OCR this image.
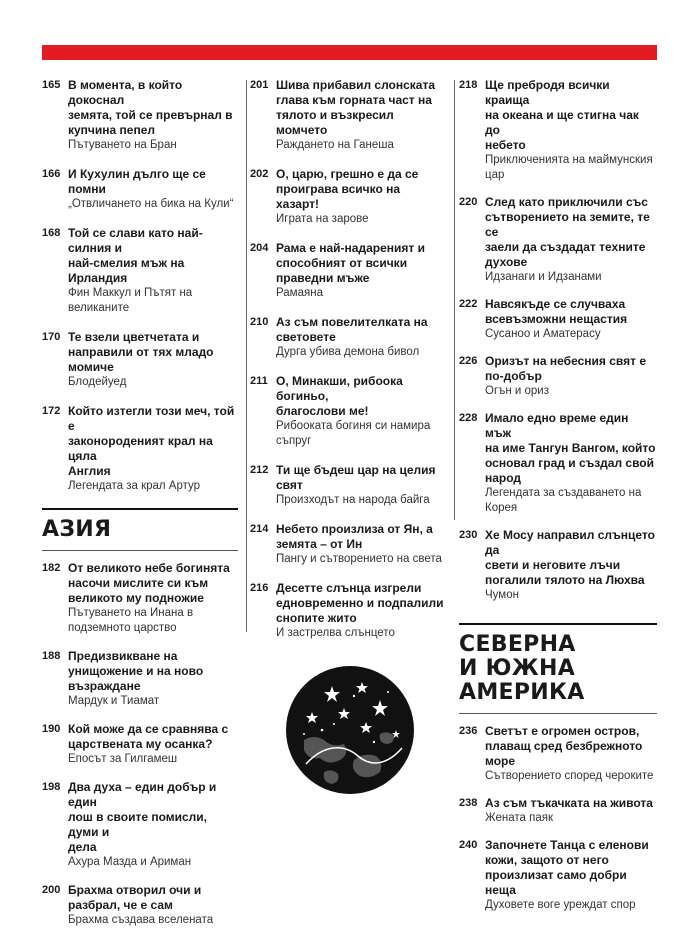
165 В момента, в който докоснал
земята, той се превърнал в
купчина пепел
Пътуването на Бран
166 И Кухулин дълго ще се помни
„Отвличането на бика на Кули“
168 Той се слави като най-силния и
най-смелия мъж на Ирландия
Фин Маккул и Пътят на
великаните
170 Те взели цветчетата и
направили от тях младо
момиче
Блодейуед
172 Който изтегли този меч, той е
законороденият крал на цяла
Англия
Легендата за крал Артур
АЗИЯ
182 От великото небе богинята
насочи мислите си към
великото му подножие
Пътуването на Инана в
подземното царство
188 Предизвикване на
унищожение и на ново
възраждане
Мардук и Тиамат
190 Кой може да се сравнява с
царствената му осанка?
Епосът за Гилгамеш
198 Два духа – един добър и един
лош в своите помисли, думи и
дела
Ахура Мазда и Ариман
200 Брахма отворил очи и
разбрал, че е сам
Брахма създава вселената
201 Шива прибавил слонската
глава към горната част на
тялото и възкресил момчето
Раждането на Ганеша
202 О, царю, грешно е да се
проиграва всичко на хазарт!
Играта на зарове
204 Рама е най-надареният и
способният от всички
праведни мъже
Рамаяна
210 Аз съм повелителката на
световете
Дурга убива демона бивол
211 О, Минакши, рибоока богиньо,
благослови ме!
Рибооката богиня си намира
съпруг
212 Ти ще бъдеш цар на целия свят
Произходът на народа байга
214 Небето произлиза от Ян, а
земята – от Ин
Пангу и сътворението на света
216 Десетте слънца изгрели
едновременно и подпалили
снопите жито
И застрелва слънцето
218 Ще пребродя всички краища
на океана и ще стигна чак до
небето
Приключенията на маймунския
цар
220 След като приключили със
сътворението на земите, те се
заели да създадат техните
духове
Идзанаги и Идзанами
222 Навсякъде се случваха
всевъзможни нещастия
Сусаноо и Аматерасу
226 Оризът на небесния свят е
по-добър
Огън и ориз
228 Имало едно време един мъж
на име Тангун Вангом, който
основал град и създал свой
народ
Легендата за създаването на
Корея
230 Хе Мосу направил слънцето да
свети и неговите лъчи
погалили тялото на Люхва
Чумон
СЕВЕРНА
И ЮЖНА АМЕРИКА
236 Светът е огромен остров,
плаващ сред безбрежното
море
Сътворението според чероките
238 Аз съм тъкачката на живота
Жената паяк
240 Започнете Танца с еленови
кожи, защото от него
произлизат само добри неща
Духовете воге уреждат спор
